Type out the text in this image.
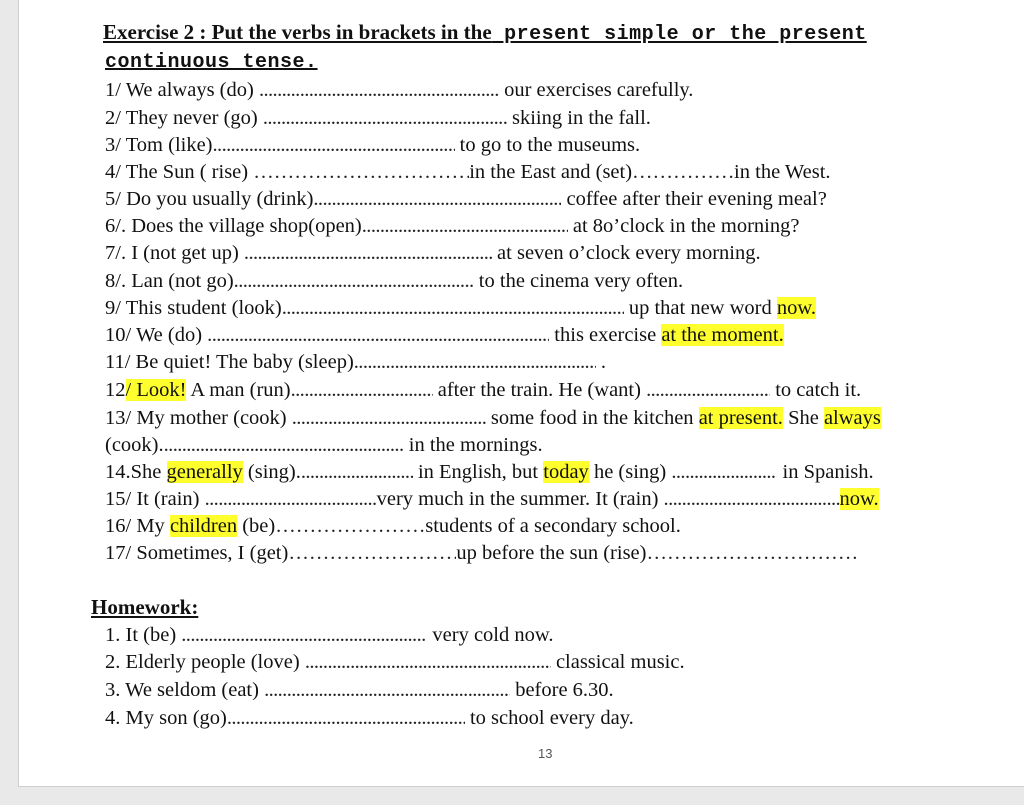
Exercise 2 : Put the verbs in brackets in the present simple or the present
continuous tense.
1/ We always (do) .....	our exercises carefully.
2/ They never (go) .....	skiing in the fall.
3/ Tom (like) .....	to go to the museums.
4/ The Sun ( rise) …………………………………………………………………………………………………………………	in the East and (set) …………………………………………………………………………………………………………………	in the West.
5/ Do you usually (drink) .....	coffee after their evening meal?
6/. Does the village shop(open) .....	at 8o’clock in the morning?
7/. I (not get up) .....	at seven o’clock every morning.
8/. Lan (not go) .....	to the cinema very often.
9/ This student (look) .....	up that new word now.
10/ We (do) .....	this exercise at the moment.
11/ Be quiet! The baby (sleep) .....	.
12/ Look! A man (run) .....	after the train. He (want) .....	to catch it.
13/ My mother (cook) .....	some food in the kitchen at present. She always
(cook). .....	in the mornings.
14.She generally (sing). .....	in English, but today he (sing) .....	in Spanish.
15/ It (rain) .....	very much in the summer. It (rain) .....	now.
16/ My children (be) …………………………………………………………………………………………………………………	students of a secondary school.
17/ Sometimes, I (get) …………………………………………………………………………………………………………………	up before the sun (rise)…………………………………………………………………………………………………………………
Homework:
1. It (be) .....	very cold now.
2. Elderly people (love) .....	classical music.
3. We seldom (eat) .....	before 6.30.
4. My son (go) .....	to school every day.
13
